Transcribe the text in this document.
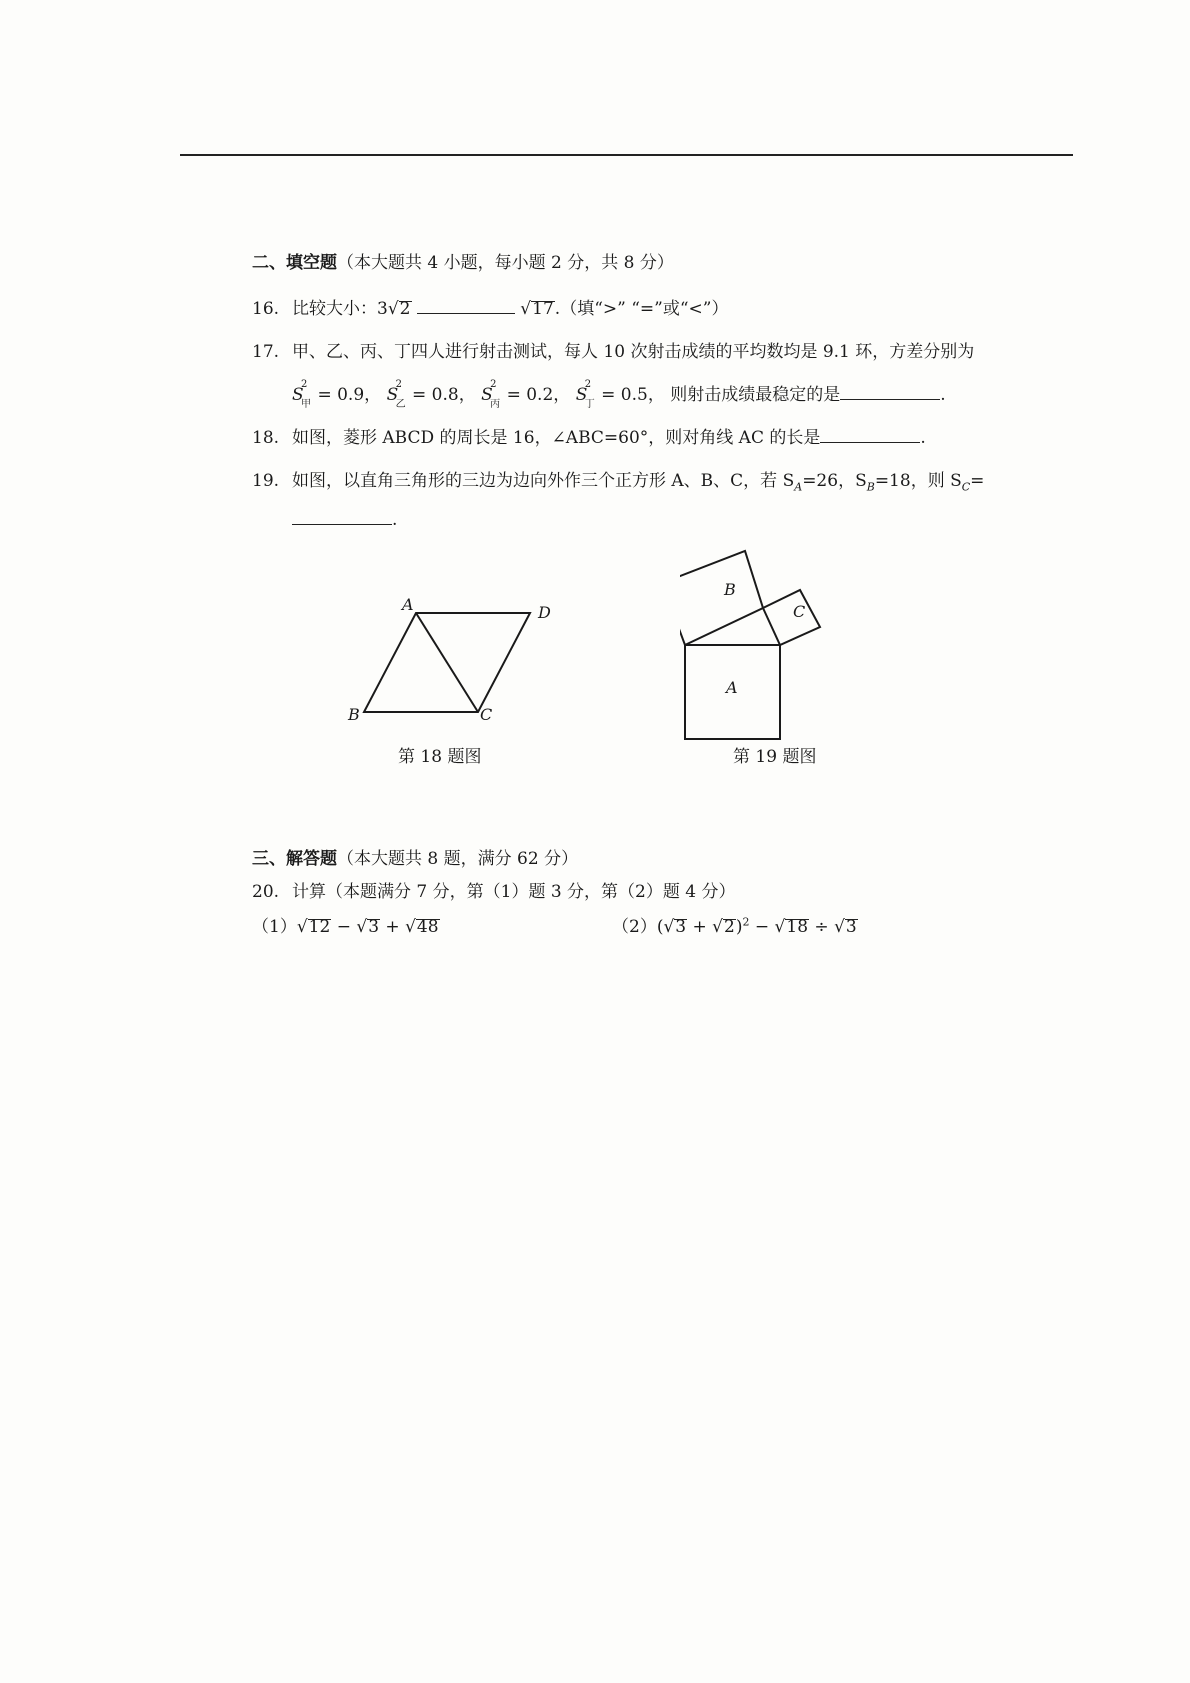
二、填空题（本大题共 4 小题，每小题 2 分，共 8 分）
16. 比较大小：3√2	√17.（填“>” “=”或“<”）
17. 甲、乙、丙、丁四人进行射击测试，每人 10 次射击成绩的平均数均是 9.1 环，方差分别为
S
2
甲 = 0.9， S
2
乙 = 0.8， S
2
丙 = 0.2， S
2
丁 = 0.5， 则射击成绩最稳定的是	.
18. 如图，菱形 ABCD 的周长是 16，∠ABC=60°，则对角线 AC 的长是	.
19. 如图，以直角三角形的三边为边向外作三个正方形 A、B、C，若 $S_A=26$，$S_B=18$，则 $S_C=$
.
A	D
B	C
第 18 题图
B
C
A
第 19 题图
三、解答题（本大题共 8 题，满分 62 分）
20. 计算（本题满分 7 分，第（1）题 3 分，第（2）题 4 分）
（1）√12 − √3 + √48	$(2)(√3 + √2)^2 - √18 \div √3$
